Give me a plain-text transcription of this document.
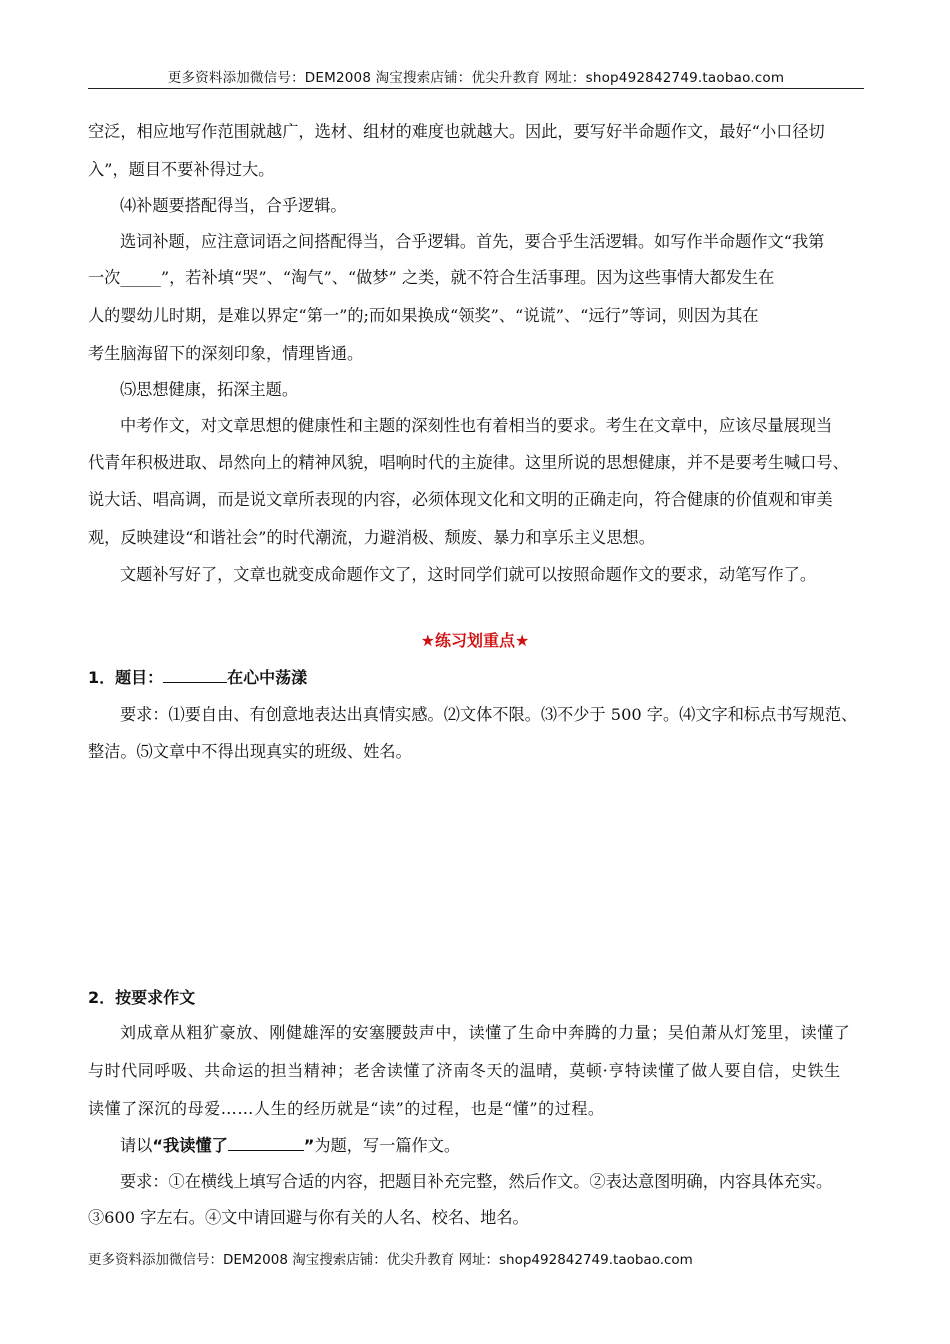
更多资料添加微信号：DEM2008 淘宝搜索店铺：优尖升教育 网址：shop492842749.taobao.com
空泛，相应地写作范围就越广，选材、组材的难度也就越大。因此，要写好半命题作文，最好“小口径切
入”，题目不要补得过大。
⑷补题要搭配得当，合乎逻辑。
选词补题，应注意词语之间搭配得当，合乎逻辑。首先，要合乎生活逻辑。如写作半命题作文“我第
一次_____”，若补填“哭”、“淘气”、“做梦” 之类，就不符合生活事理。因为这些事情大都发生在
人的婴幼儿时期，是难以界定“第一”的;而如果换成“领奖”、“说谎”、“远行”等词，则因为其在
考生脑海留下的深刻印象，情理皆通。
⑸思想健康，拓深主题。
中考作文，对文章思想的健康性和主题的深刻性也有着相当的要求。考生在文章中，应该尽量展现当
代青年积极进取、昂然向上的精神风貌，唱响时代的主旋律。这里所说的思想健康，并不是要考生喊口号、
说大话、唱高调，而是说文章所表现的内容，必须体现文化和文明的正确走向，符合健康的价值观和审美
观，反映建设“和谐社会”的时代潮流，力避消极、颓废、暴力和享乐主义思想。
文题补写好了，文章也就变成命题作文了，这时同学们就可以按照命题作文的要求，动笔写作了。
★练习划重点★
1．题目：	在心中荡漾
要求：⑴要自由、有创意地表达出真情实感。⑵文体不限。⑶不少于 500 字。⑷文字和标点书写规范、
整洁。⑸文章中不得出现真实的班级、姓名。
2．按要求作文
刘成章从粗犷豪放、刚健雄浑的安塞腰鼓声中，读懂了生命中奔腾的力量；吴伯萧从灯笼里，读懂了
与时代同呼吸、共命运的担当精神；老舍读懂了济南冬天的温晴，莫顿·亨特读懂了做人要自信，史铁生
读懂了深沉的母爱……人生的经历就是“读”的过程，也是“懂”的过程。
请以“我读懂了	”为题，写一篇作文。
要求：①在横线上填写合适的内容，把题目补充完整，然后作文。②表达意图明确，内容具体充实。
③600 字左右。④文中请回避与你有关的人名、校名、地名。
更多资料添加微信号：DEM2008 淘宝搜索店铺：优尖升教育 网址：shop492842749.taobao.com
